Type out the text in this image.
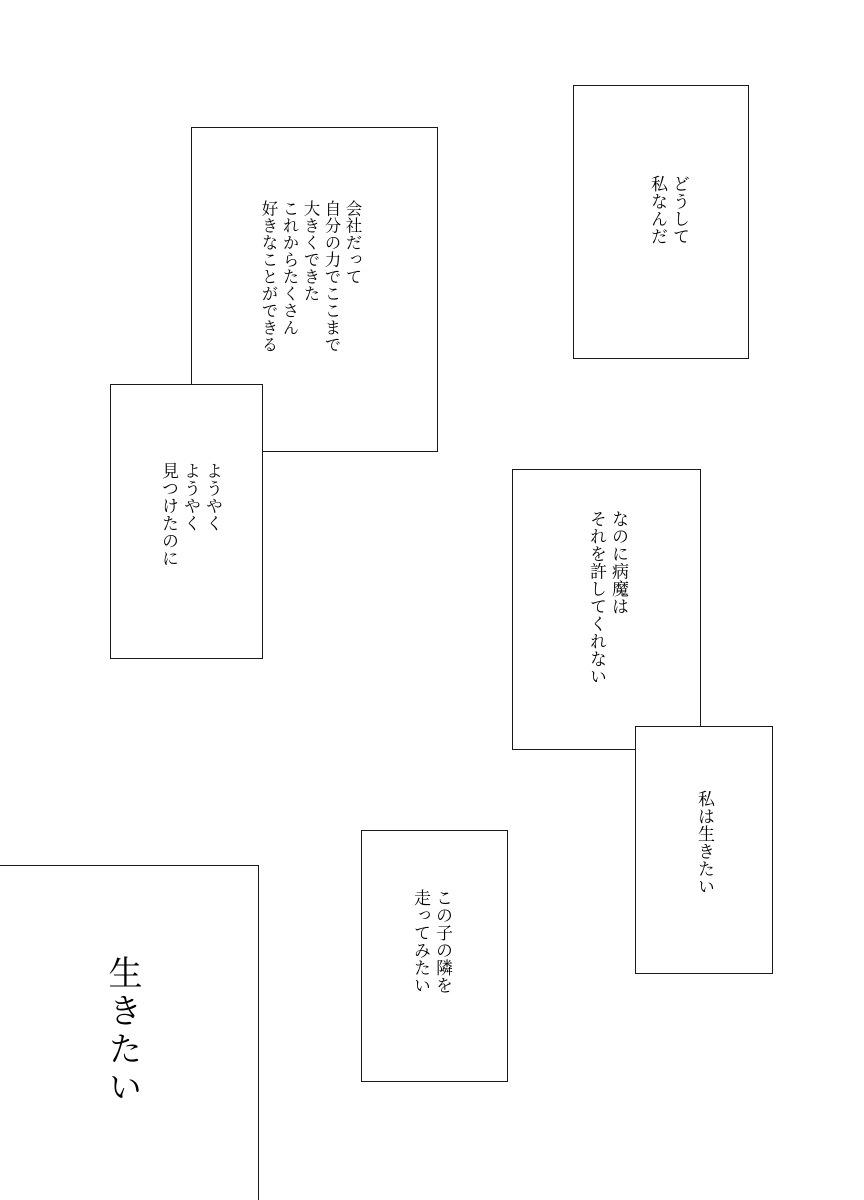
会社だって
自分の力でここまで
大きくできた
これからたくさん
好きなことができる
ようやく
ようやく
見つけたのに
どうして
私なんだ
なのに病魔は
それを許してくれない
私は生きたい
この子の隣を
走ってみたい
生きたい
